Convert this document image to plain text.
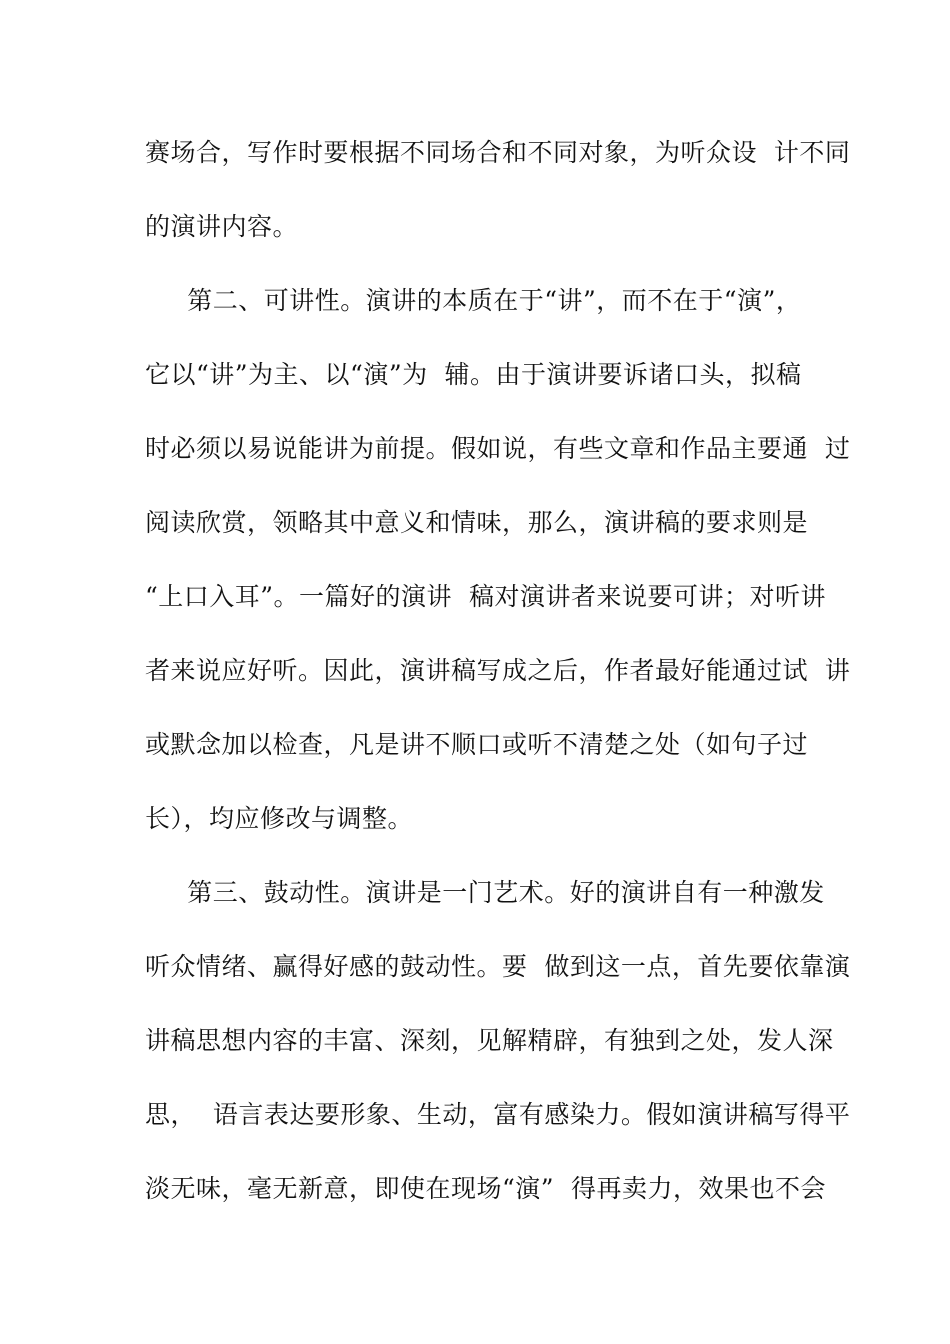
赛场合，写作时要根据不同场合和不同对象，为听众设  计不同
的演讲内容。
第二、可讲性。演讲的本质在于“讲”，而不在于“演”，
它以“讲”为主、以“演”为  辅。由于演讲要诉诸口头，拟稿
时必须以易说能讲为前提。假如说，有些文章和作品主要通  过
阅读欣赏，领略其中意义和情味，那么，演讲稿的要求则是
“上口入耳”。一篇好的演讲  稿对演讲者来说要可讲；对听讲
者来说应好听。因此，演讲稿写成之后，作者最好能通过试  讲
或默念加以检查，凡是讲不顺口或听不清楚之处（如句子过
长），均应修改与调整。
第三、鼓动性。演讲是一门艺术。好的演讲自有一种激发
听众情绪、赢得好感的鼓动性。要  做到这一点，首先要依靠演
讲稿思想内容的丰富、深刻，见解精辟，有独到之处，发人深
思，  语言表达要形象、生动，富有感染力。假如演讲稿写得平
淡无味，毫无新意，即使在现场“演”  得再卖力，效果也不会
